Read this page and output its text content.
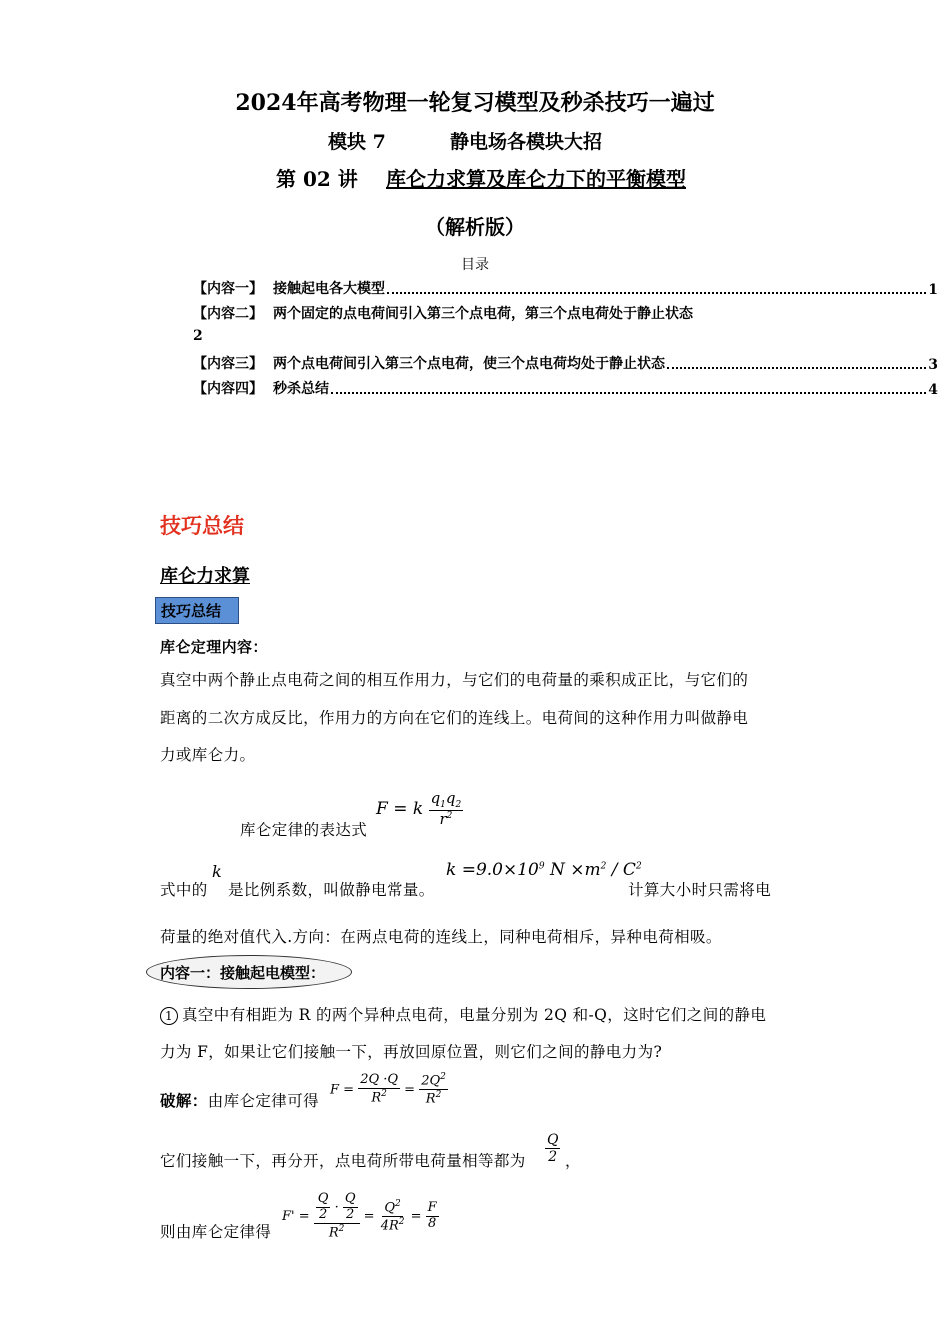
2024年高考物理一轮复习模型及秒杀技巧一遍过
模块 7	静电场各模块大招
第 02 讲 库仑力求算及库仑力下的平衡模型
（解析版）
目录
【内容一】 接触起电各大模型	1
【内容二】 两个固定的点电荷间引入第三个点电荷，第三个点电荷处于静止状态
2
【内容三】 两个点电荷间引入第三个点电荷，使三个点电荷均处于静止状态	3
【内容四】 秒杀总结	4
技巧总结
库仑力求算
技巧总结
库仑定理内容：
真空中两个静止点电荷之间的相互作用力，与它们的电荷量的乘积成正比，与它们的
距离的二次方成反比，作用力的方向在它们的连线上。电荷间的这种作用力叫做静电
力或库仑力。
库仑定律的表达式
F = k $\frac{q_1q_2}{r^2}$
式中的
k
是比例系数，叫做静电常量。
$k =9.0\times 10^9$ $N \times m^2 / C^2$
计算大小时只需将电
荷量的绝对值代入.方向：在两点电荷的连线上，同种电荷相斥，异种电荷相吸。
内容一：接触起电模型：
1 真空中有相距为 R 的两个异种点电荷，电量分别为 2Q 和-Q，这时它们之间的静电
力为 F，如果让它们接触一下，再放回原位置，则它们之间的静电力为?
破解：由库仑定律可得
$F = \frac{2Q \cdot Q}{R^2} = \frac{2Q^2}{R^2}$
它们接触一下，再分开，点电荷所带电荷量相等都为 $\frac{Q}{2}$ ，
则由库仑定律得
$F' = \frac{\frac{Q}{2} \cdot \frac{Q}{2}}{R^2} = \frac{Q^2}{4R^2} = \frac{F}{8}$
